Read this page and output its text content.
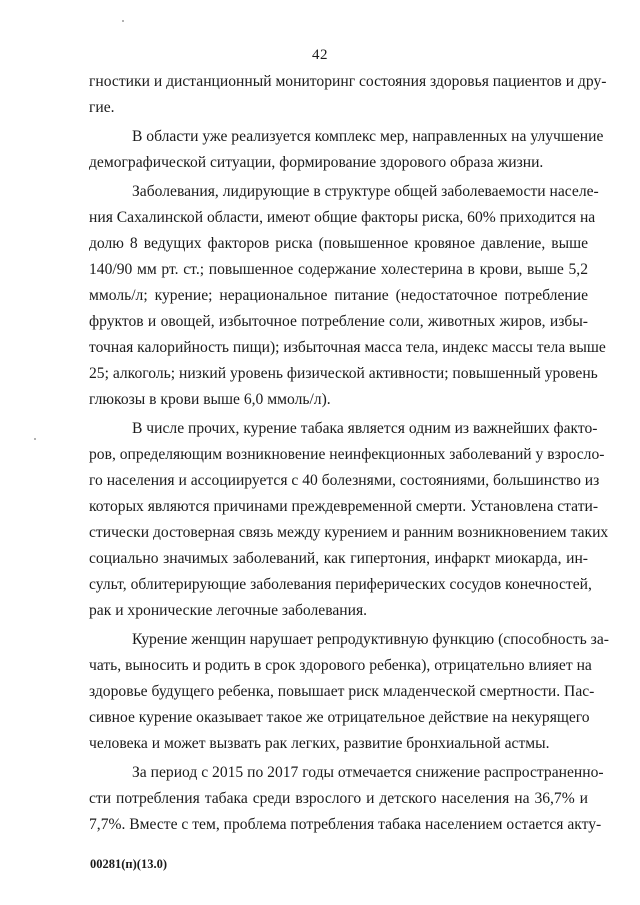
42
гностики и дистанционный мониторинг состояния здоровья пациентов и дру-
гие.
В области уже реализуется комплекс мер, направленных на улучшение
демографической ситуации, формирование здорового образа жизни.
Заболевания, лидирующие в структуре общей заболеваемости населе-
ния Сахалинской области, имеют общие факторы риска, 60% приходится на
долю 8 ведущих факторов риска (повышенное кровяное давление, выше
140/90 мм рт. ст.; повышенное содержание холестерина в крови, выше 5,2
ммоль/л; курение; нерациональное питание (недостаточное потребление
фруктов и овощей, избыточное потребление соли, животных жиров, избы-
точная калорийность пищи); избыточная масса тела, индекс массы тела выше
25; алкоголь; низкий уровень физической активности; повышенный уровень
глюкозы в крови выше 6,0 ммоль/л).
В числе прочих, курение табака является одним из важнейших факто-
ров, определяющим возникновение неинфекционных заболеваний у взросло-
го населения и ассоциируется с 40 болезнями, состояниями, большинство из
которых являются причинами преждевременной смерти. Установлена стати-
стически достоверная связь между курением и ранним возникновением таких
социально значимых заболеваний, как гипертония, инфаркт миокарда, ин-
сульт, облитерирующие заболевания периферических сосудов конечностей,
рак и хронические легочные заболевания.
Курение женщин нарушает репродуктивную функцию (способность за-
чать, выносить и родить в срок здорового ребенка), отрицательно влияет на
здоровье будущего ребенка, повышает риск младенческой смертности. Пас-
сивное курение оказывает такое же отрицательное действие на некурящего
человека и может вызвать рак легких, развитие бронхиальной астмы.
За период с 2015 по 2017 годы отмечается снижение распространенно-
сти потребления табака среди взрослого и детского населения на 36,7% и
7,7%. Вместе с тем, проблема потребления табака населением остается акту-
00281(п)(13.0)
